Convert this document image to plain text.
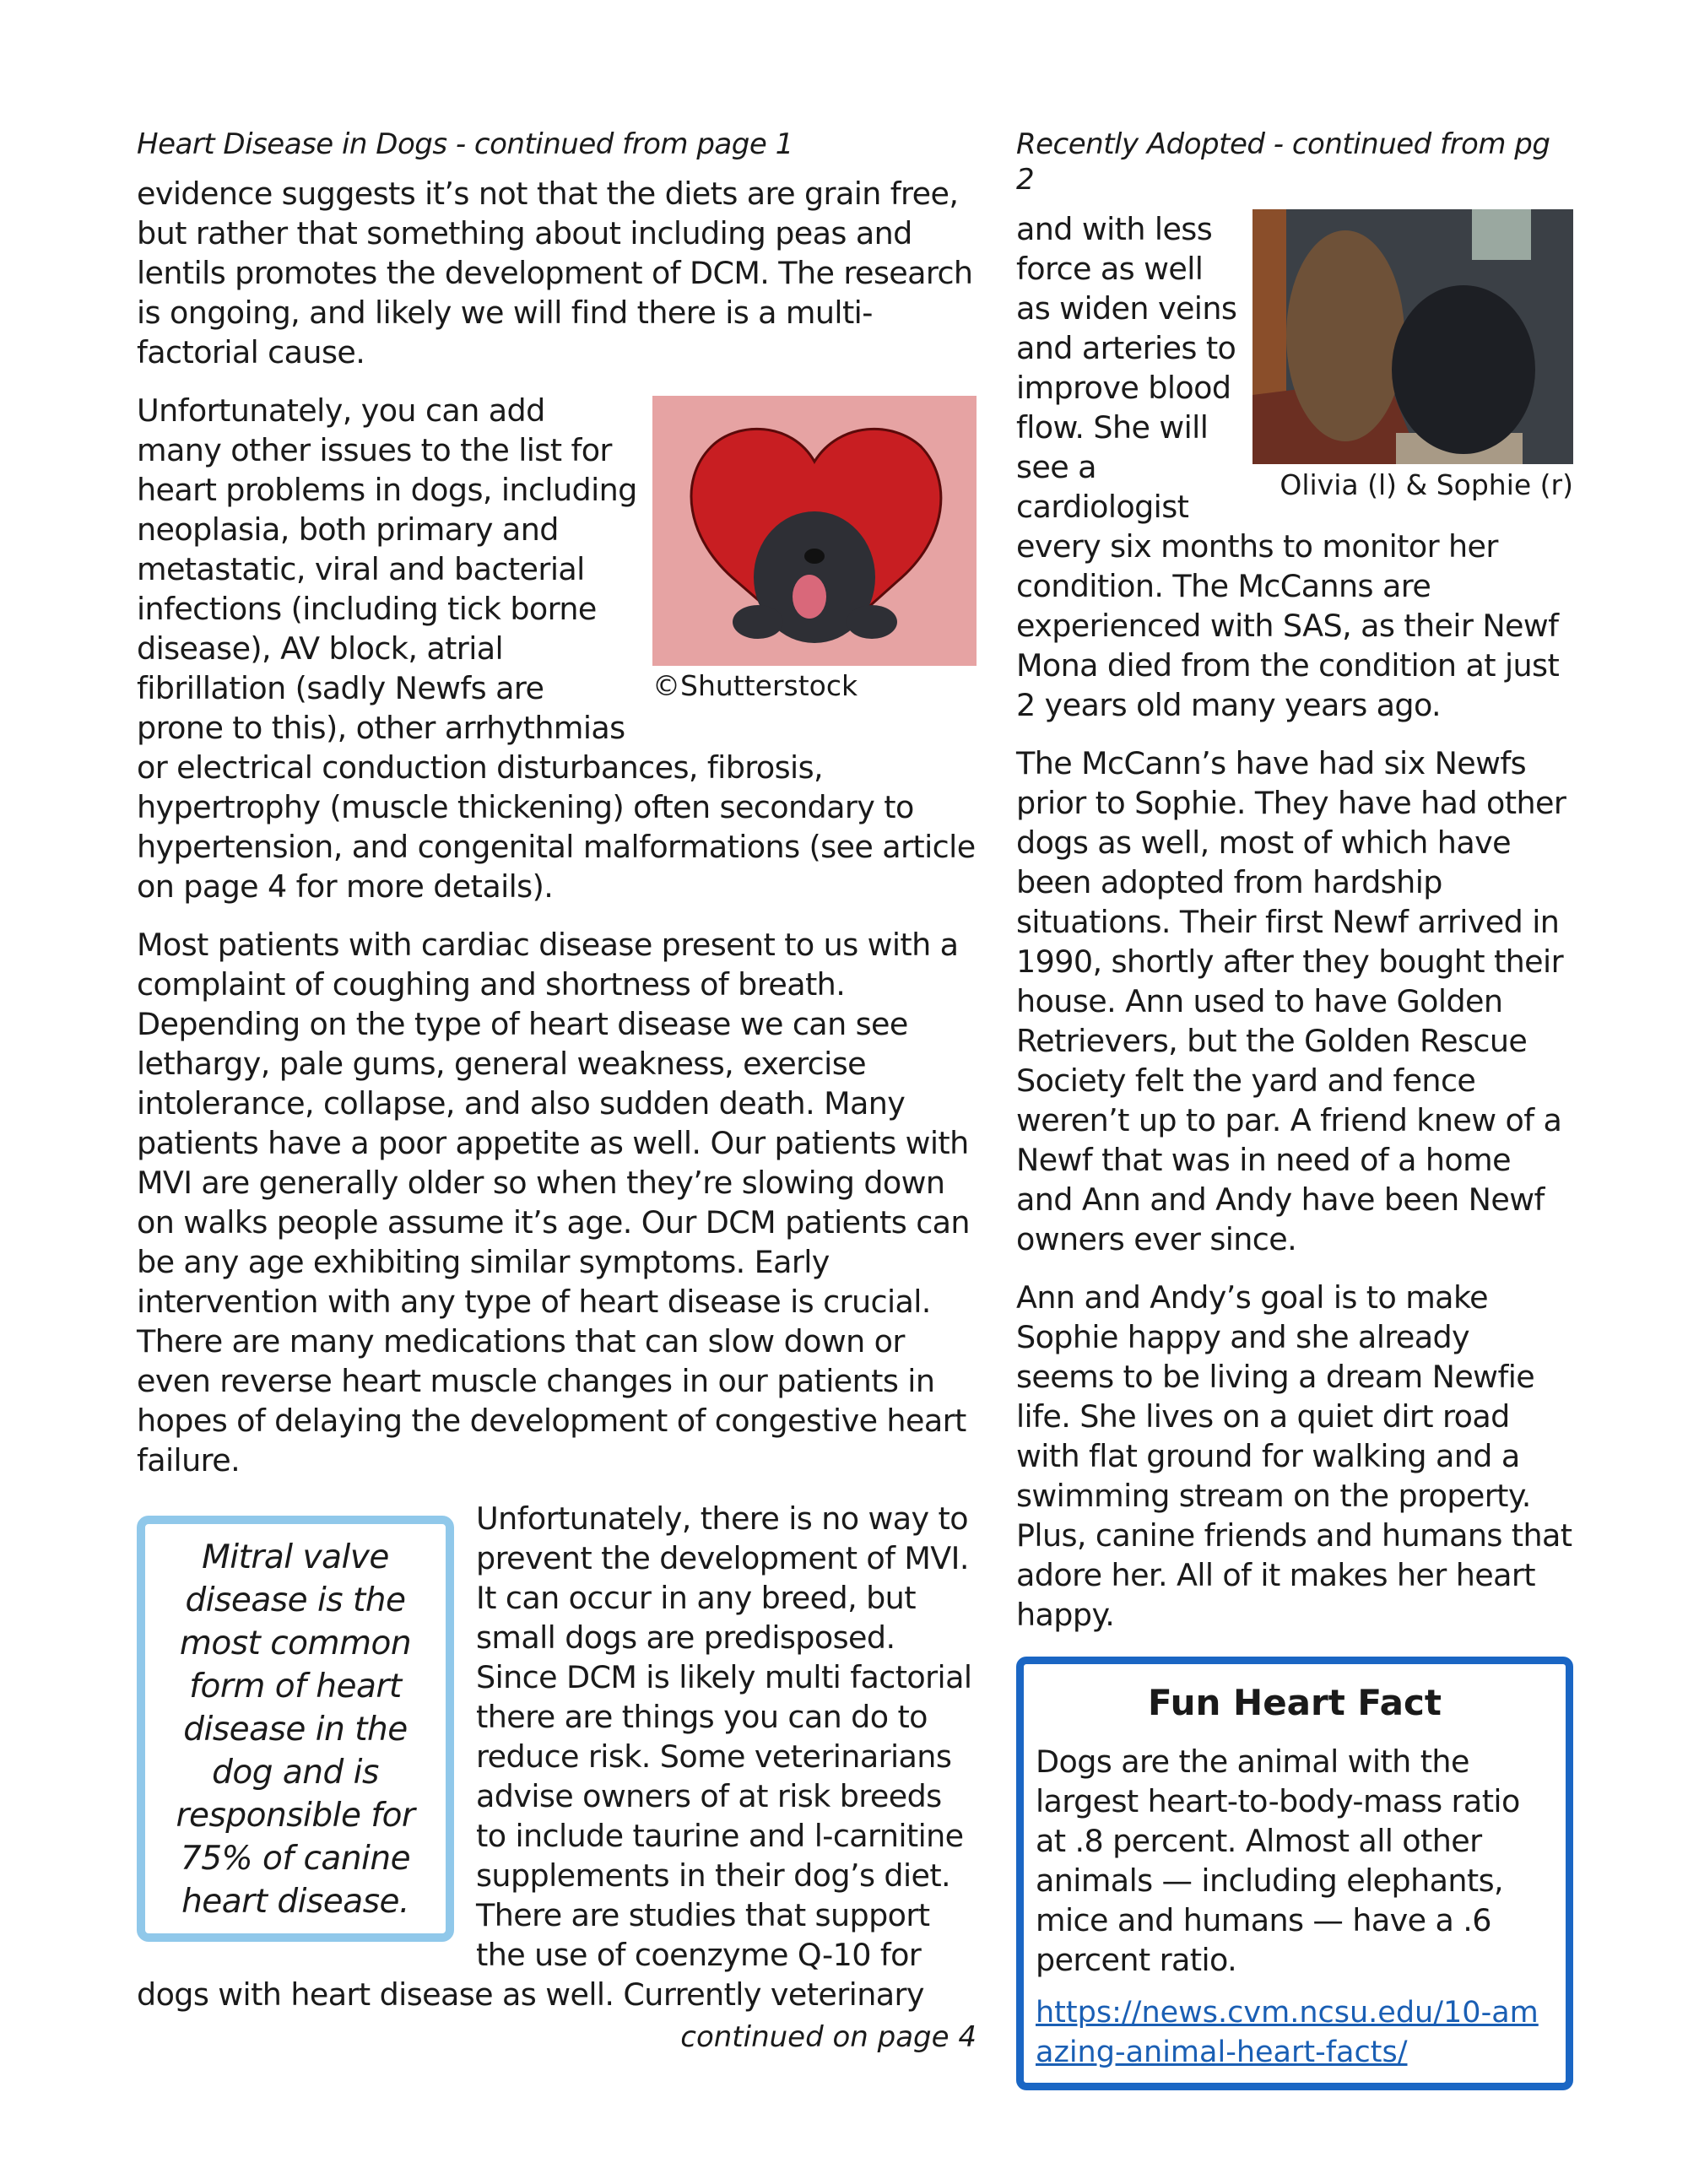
Heart Disease in Dogs - continued from page 1

evidence suggests it’s not that the diets are grain free, but rather that something about including peas and lentils promotes the development of DCM. The research is ongoing, and likely we will find there is a multi-factorial cause.

©Shutterstock

Unfortunately, you can add many other issues to the list for heart problems in dogs, including neoplasia, both primary and metastatic, viral and bacterial infections (including tick borne disease), AV block, atrial fibrillation (sadly Newfs are prone to this), other arrhythmias or electrical conduction disturbances, fibrosis, hypertrophy (muscle thickening) often secondary to hypertension, and congenital malformations (see article on page 4 for more details).

Most patients with cardiac disease present to us with a complaint of coughing and shortness of breath. Depending on the type of heart disease we can see lethargy, pale gums, general weakness, exercise intolerance, collapse, and also sudden death. Many patients have a poor appetite as well. Our patients with MVI are generally older so when they’re slowing down on walks people assume it’s age. Our DCM patients can be any age exhibiting similar symptoms. Early intervention with any type of heart disease is crucial. There are many medications that can slow down or even reverse heart muscle changes in our patients in hopes of delaying the development of congestive heart failure.

Mitral valve disease is the most common form of heart disease in the dog and is responsible for 75% of canine heart disease.

Unfortunately, there is no way to prevent the development of MVI. It can occur in any breed, but small dogs are predisposed. Since DCM is likely multi factorial there are things you can do to reduce risk. Some veterinarians advise owners of at risk breeds to include taurine and l-carnitine supplements in their dog’s diet. There are studies that support the use of coenzyme Q-10 for dogs with heart disease as well. Currently veterinary

continued on page 4
Recently Adopted - continued from pg 2
Olivia (l) & Sophie (r)

and with less force as well as widen veins and arteries to improve blood flow. She will see a cardiologist every six months to monitor her condition. The McCanns are experienced with SAS, as their Newf Mona died from the condition at just 2 years old many years ago.

The McCann’s have had six Newfs prior to Sophie. They have had other dogs as well, most of which have been adopted from hardship situations. Their first Newf arrived in 1990, shortly after they bought their house. Ann used to have Golden Retrievers, but the Golden Rescue Society felt the yard and fence weren’t up to par. A friend knew of a Newf that was in need of a home and Ann and Andy have been Newf owners ever since.

Ann and Andy’s goal is to make Sophie happy and she already seems to be living a dream Newfie life. She lives on a quiet dirt road with flat ground for walking and a swimming stream on the property. Plus, canine friends and humans that adore her. All of it makes her heart happy.

Fun Heart Fact

Dogs are the animal with the largest heart-to-body-mass ratio at .8 percent. Almost all other animals — including elephants, mice and humans — have a .6 percent ratio.

https://news.cvm.ncsu.edu/10-amazing-animal-heart-facts/
